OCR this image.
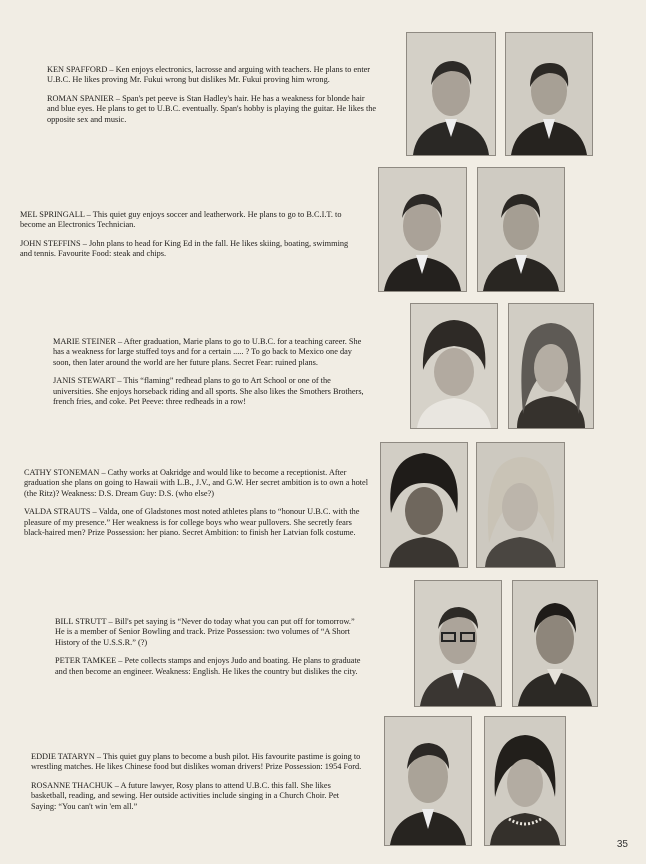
KEN SPAFFORD – Ken enjoys electronics, lacrosse and arguing with teachers. He plans to enter U.B.C. He likes proving Mr. Fukui wrong but dislikes Mr. Fukui proving him wrong.

ROMAN SPANIER – Span's pet peeve is Stan Hadley's hair. He has a weakness for blonde hair and blue eyes. He plans to get to U.B.C. eventually. Span's hobby is playing the guitar. He likes the opposite sex and music.

MEL SPRINGALL – This quiet guy enjoys soccer and leatherwork. He plans to go to B.C.I.T. to become an Electronics Technician.

JOHN STEFFINS – John plans to head for King Ed in the fall. He likes skiing, boating, swimming and tennis. Favourite Food: steak and chips.

MARIE STEINER – After graduation, Marie plans to go to U.B.C. for a teaching career. She has a weakness for large stuffed toys and for a certain ..... ? To go back to Mexico one day soon, then later around the world are her future plans. Secret Fear: ruined plans.

JANIS STEWART – This “flaming” redhead plans to go to Art School or one of the universities. She enjoys horseback riding and all sports. She also likes the Smothers Brothers, french fries, and coke. Pet Peeve: three redheads in a row!

CATHY STONEMAN – Cathy works at Oakridge and would like to become a receptionist. After graduation she plans on going to Hawaii with L.B., J.V., and G.W. Her secret ambition is to own a hotel (the Ritz)? Weakness: D.S. Dream Guy: D.S. (who else?)

VALDA STRAUTS – Valda, one of Gladstones most noted athletes plans to “honour U.B.C. with the pleasure of my presence.” Her weakness is for college boys who wear pullovers. She secretly fears black-haired men? Prize Possession: her piano. Secret Ambition: to finish her Latvian folk costume.

BILL STRUTT – Bill's pet saying is “Never do today what you can put off for tomorrow.” He is a member of Senior Bowling and track. Prize Possession: two volumes of “A Short History of the U.S.S.R.” (?)

PETER TAMKEE – Pete collects stamps and enjoys Judo and boating. He plans to graduate and then become an engineer. Weakness: English. He likes the country but dislikes the city.

EDDIE TATARYN – This quiet guy plans to become a bush pilot. His favourite pastime is going to wrestling matches. He likes Chinese food but dislikes woman drivers! Prize Possession: 1954 Ford.

ROSANNE THACHUK – A future lawyer, Rosy plans to attend U.B.C. this fall. She likes basketball, reading, and sewing. Her outside activities include singing in a Church Choir. Pet Saying: “You can't win 'em all.”

35
